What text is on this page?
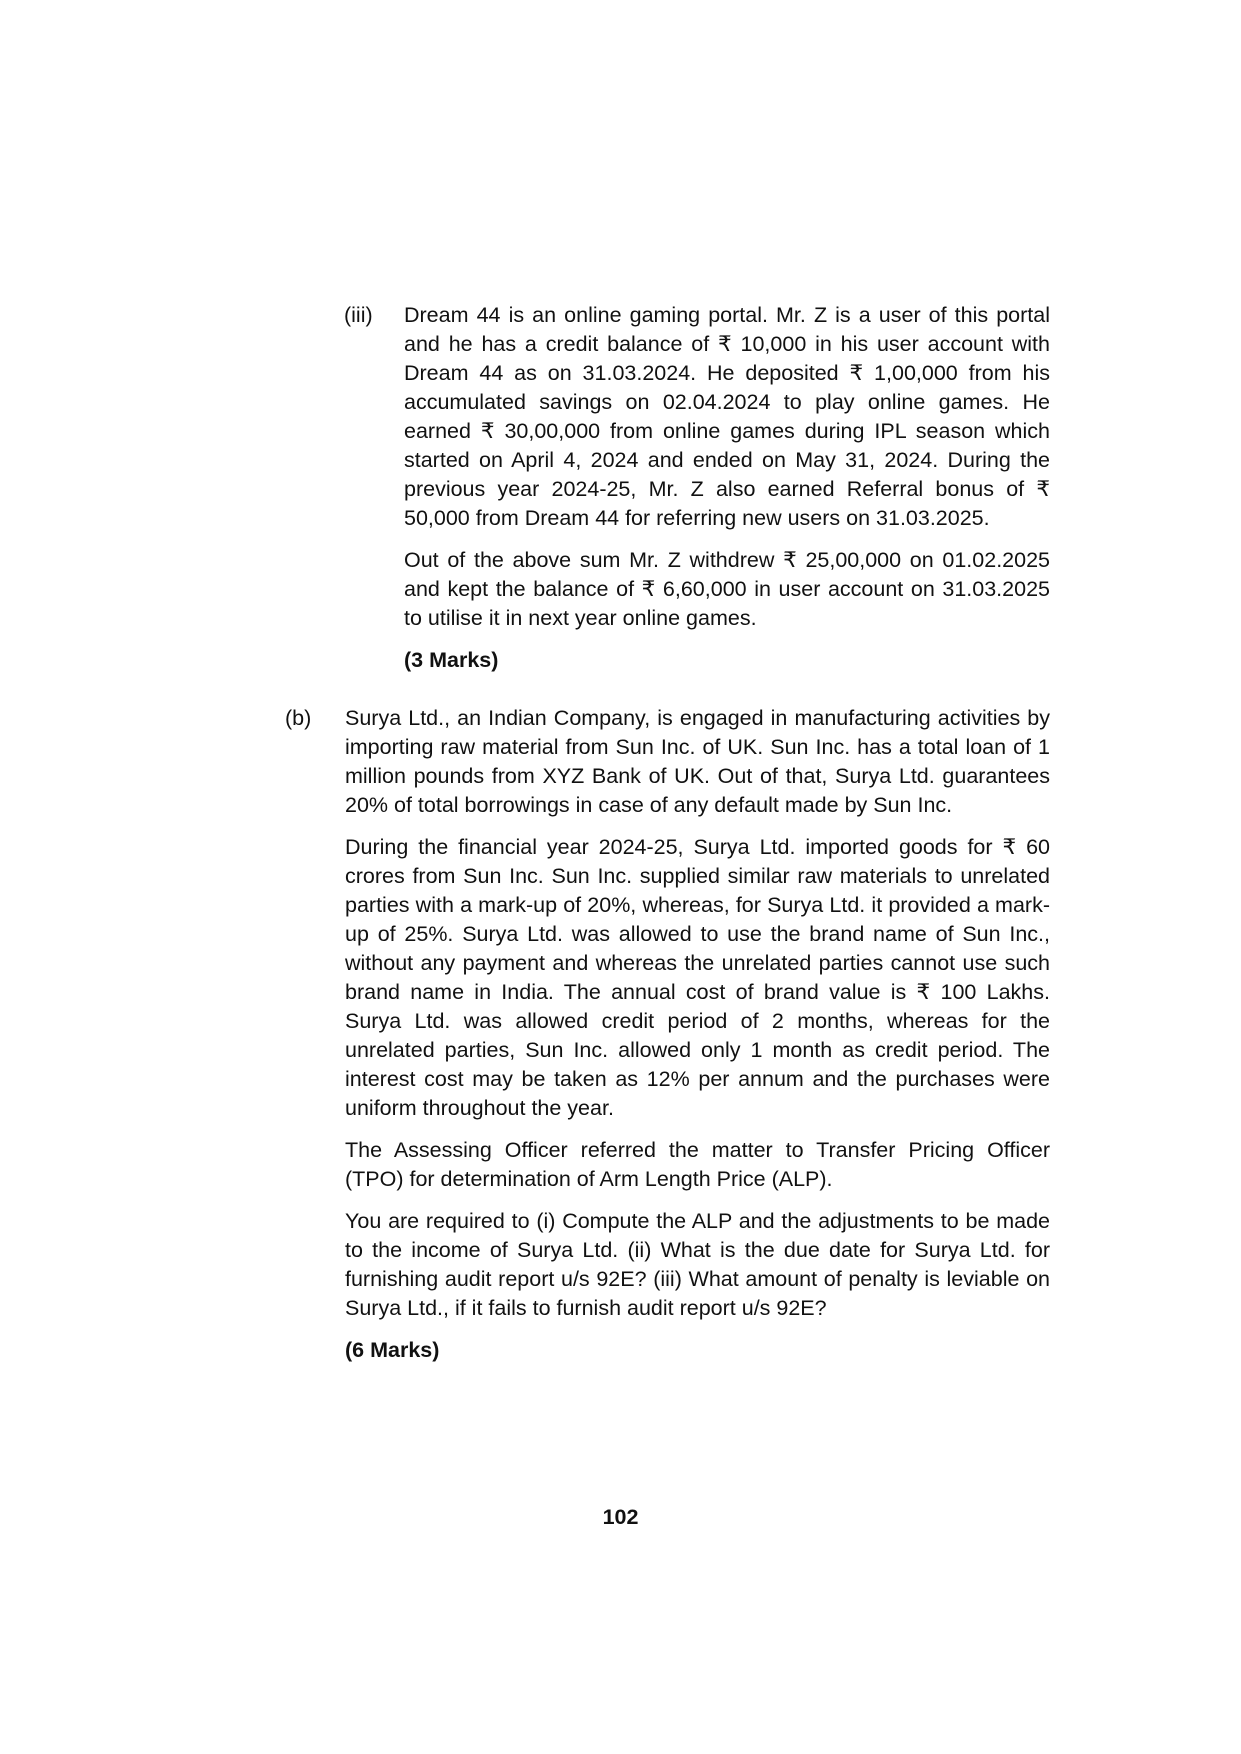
(iii) Dream 44 is an online gaming portal. Mr. Z is a user of this portal and he has a credit balance of ₹ 10,000 in his user account with Dream 44 as on 31.03.2024. He deposited ₹ 1,00,000 from his accumulated savings on 02.04.2024 to play online games. He earned ₹ 30,00,000 from online games during IPL season which started on April 4, 2024 and ended on May 31, 2024. During the previous year 2024-25, Mr. Z also earned Referral bonus of ₹ 50,000 from Dream 44 for referring new users on 31.03.2025.

Out of the above sum Mr. Z withdrew ₹ 25,00,000 on 01.02.2025 and kept the balance of ₹ 6,60,000 in user account on 31.03.2025 to utilise it in next year online games.

(3 Marks)

(b) Surya Ltd., an Indian Company, is engaged in manufacturing activities by importing raw material from Sun Inc. of UK. Sun Inc. has a total loan of 1 million pounds from XYZ Bank of UK. Out of that, Surya Ltd. guarantees 20% of total borrowings in case of any default made by Sun Inc.

During the financial year 2024-25, Surya Ltd. imported goods for ₹ 60 crores from Sun Inc. Sun Inc. supplied similar raw materials to unrelated parties with a mark-up of 20%, whereas, for Surya Ltd. it provided a mark-up of 25%. Surya Ltd. was allowed to use the brand name of Sun Inc., without any payment and whereas the unrelated parties cannot use such brand name in India. The annual cost of brand value is ₹ 100 Lakhs. Surya Ltd. was allowed credit period of 2 months, whereas for the unrelated parties, Sun Inc. allowed only 1 month as credit period. The interest cost may be taken as 12% per annum and the purchases were uniform throughout the year.

The Assessing Officer referred the matter to Transfer Pricing Officer (TPO) for determination of Arm Length Price (ALP).

You are required to (i) Compute the ALP and the adjustments to be made to the income of Surya Ltd. (ii) What is the due date for Surya Ltd. for furnishing audit report u/s 92E? (iii) What amount of penalty is leviable on Surya Ltd., if it fails to furnish audit report u/s 92E?

(6 Marks)

102
